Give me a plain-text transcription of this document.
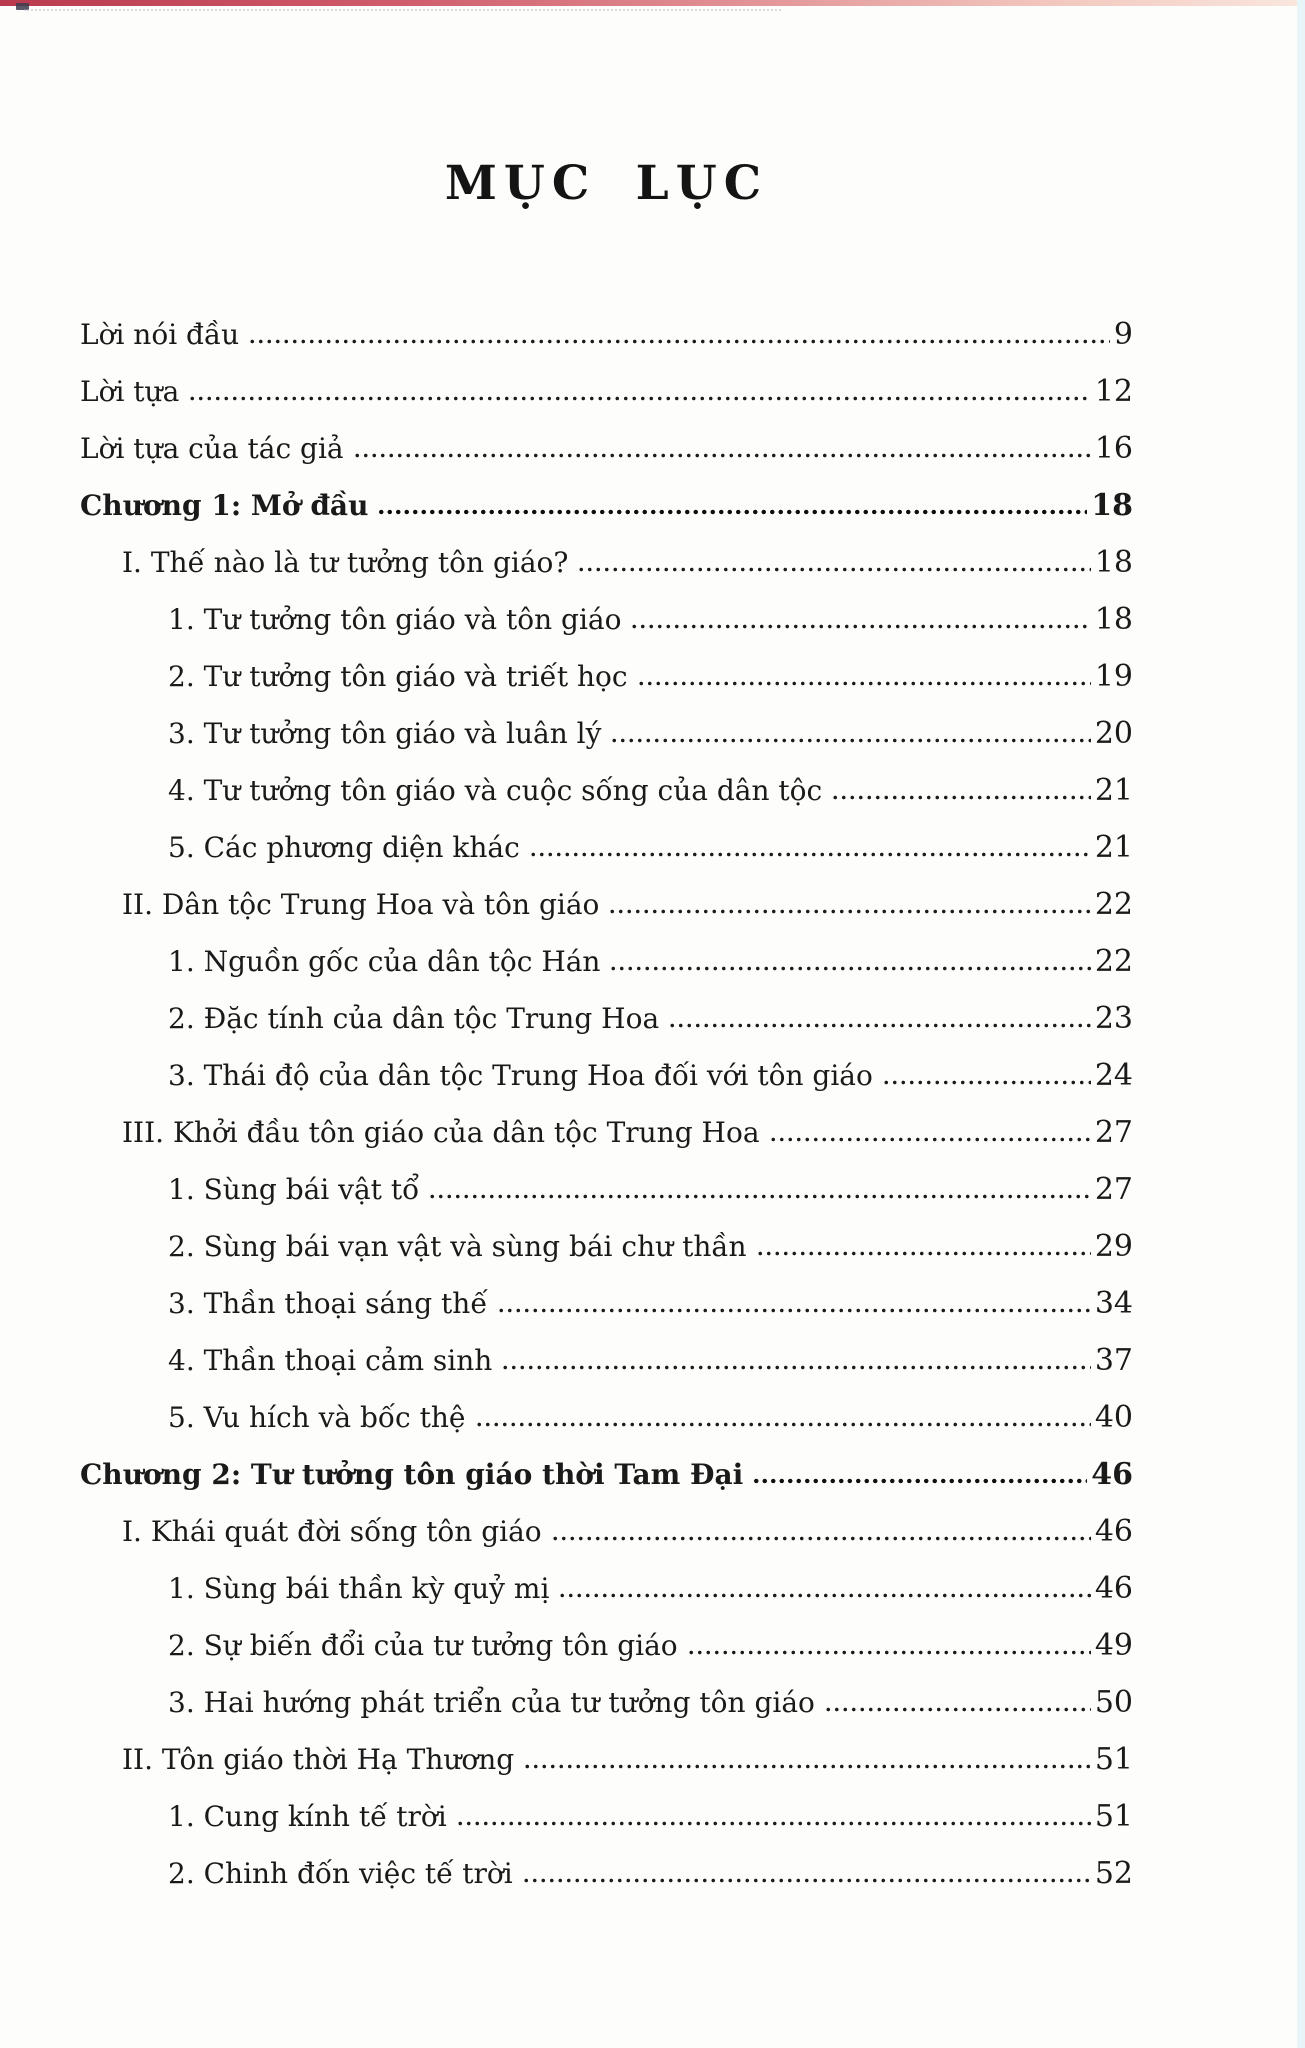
MỤC LỤC
Lời nói đầu	9
Lời tựa	12
Lời tựa của tác giả	16
Chương 1: Mở đầu	18
I. Thế nào là tư tưởng tôn giáo?	18
1. Tư tưởng tôn giáo và tôn giáo	18
2. Tư tưởng tôn giáo và triết học	19
3. Tư tưởng tôn giáo và luân lý	20
4. Tư tưởng tôn giáo và cuộc sống của dân tộc	21
5. Các phương diện khác	21
II. Dân tộc Trung Hoa và tôn giáo	22
1. Nguồn gốc của dân tộc Hán	22
2. Đặc tính của dân tộc Trung Hoa	23
3. Thái độ của dân tộc Trung Hoa đối với tôn giáo	24
III. Khởi đầu tôn giáo của dân tộc Trung Hoa	27
1. Sùng bái vật tổ	27
2. Sùng bái vạn vật và sùng bái chư thần	29
3. Thần thoại sáng thế	34
4. Thần thoại cảm sinh	37
5. Vu hích và bốc thệ	40
Chương 2: Tư tưởng tôn giáo thời Tam Đại	46
I. Khái quát đời sống tôn giáo	46
1. Sùng bái thần kỳ quỷ mị	46
2. Sự biến đổi của tư tưởng tôn giáo	49
3. Hai hướng phát triển của tư tưởng tôn giáo	50
II. Tôn giáo thời Hạ Thương	51
1. Cung kính tế trời	51
2. Chinh đốn việc tế trời	52
